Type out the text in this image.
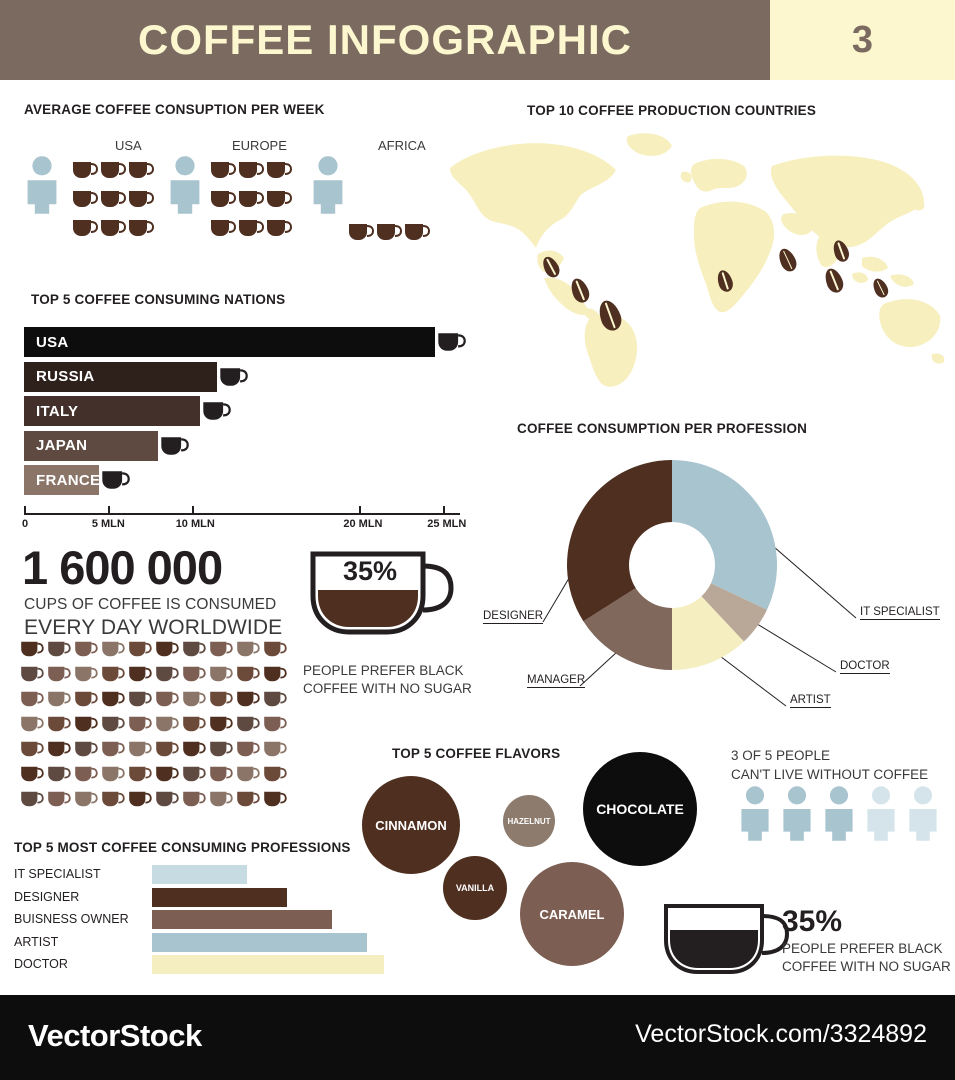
COFFEE INFOGRAPHIC	3
AVERAGE COFFEE CONSUPTION PER WEEK
USA	EUROPE	AFRICA
TOP 10 COFFEE PRODUCTION COUNTRIES
TOP 5 COFFEE CONSUMING NATIONS
USA
RUSSIA
ITALY
JAPAN
FRANCE
0	5 MLN	10 MLN	20 MLN	25 MLN
1 600 000
CUPS OF COFFEE IS CONSUMED
EVERY DAY WORLDWIDE
35%
PEOPLE PREFER BLACK
COFFEE WITH NO SUGAR
COFFEE CONSUMPTION PER PROFESSION
IT SPECIALIST
DOCTOR
ARTIST
MANAGER
DESIGNER
TOP 5 COFFEE FLAVORS
CINNAMON	HAZELNUT
VANILLA
CHOCOLATE
CARAMEL
3 OF 5 PEOPLE
CAN'T LIVE WITHOUT COFFEE
35%
PEOPLE PREFER BLACK
COFFEE WITH NO SUGAR
TOP 5 MOST COFFEE CONSUMING PROFESSIONS
IT SPECIALIST
DESIGNER
BUISNESS OWNER
ARTIST
DOCTOR
VectorStock	VectorStock.com/3324892
